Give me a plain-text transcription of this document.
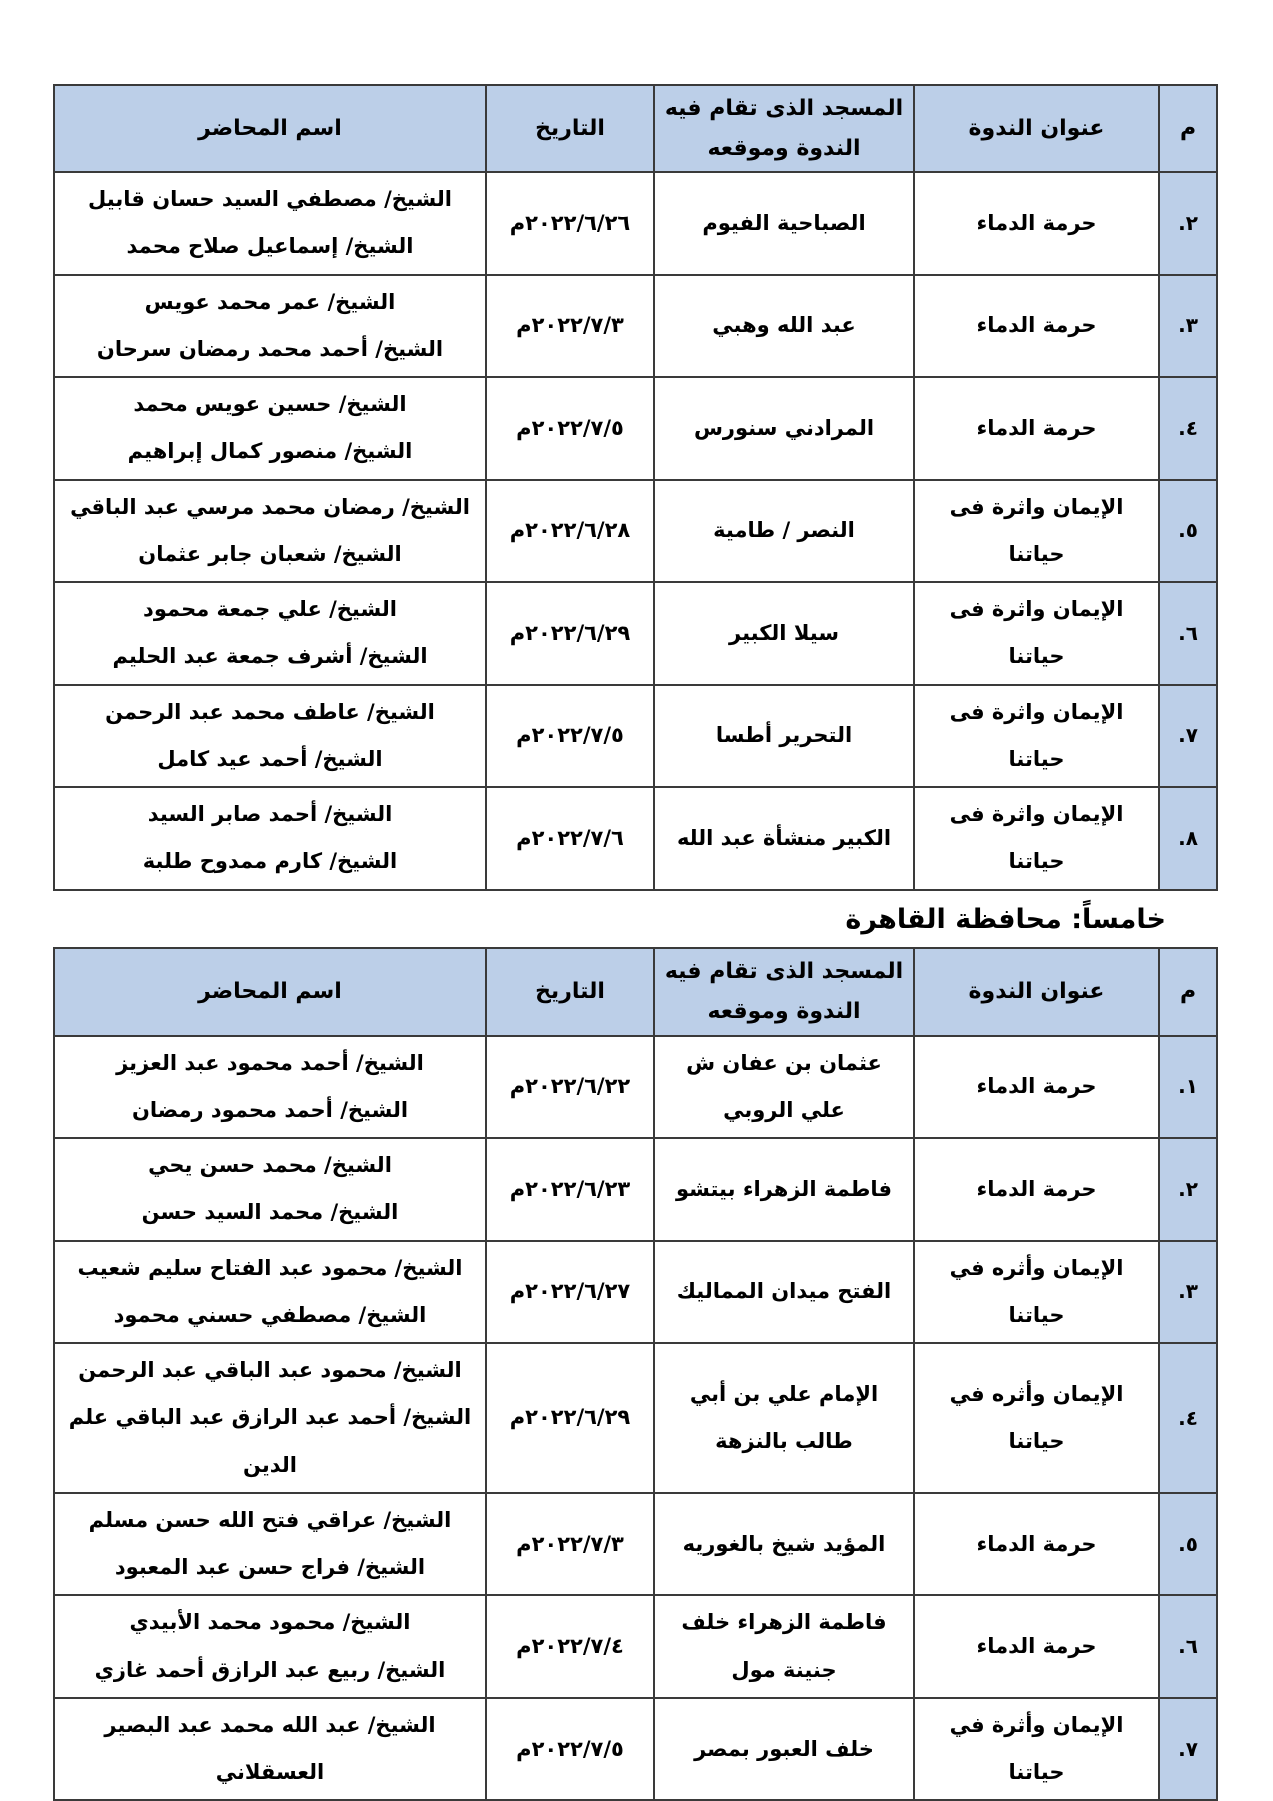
م	عنوان الندوة	المسجد الذى تقام فيه الندوة وموقعه	التاريخ	اسم المحاضر
٢.	حرمة الدماء	الصباحية الفيوم	٢٠٢٢/٦/٢٦م	الشيخ/ مصطفي السيد حسان قابيل
الشيخ/ إسماعيل صلاح محمد

٣.	حرمة الدماء	عبد الله وهبي	٢٠٢٢/٧/٣م	الشيخ/ عمر محمد عويس
الشيخ/ أحمد محمد رمضان سرحان

٤.	حرمة الدماء	المرادني سنورس	٢٠٢٢/٧/٥م	الشيخ/ حسين عويس محمد
الشيخ/ منصور كمال إبراهيم

٥.	الإيمان واثرة فى حياتنا	النصر / طامية	٢٠٢٢/٦/٢٨م	الشيخ/ رمضان محمد مرسي عبد الباقي
الشيخ/ شعبان جابر عثمان

٦.	الإيمان واثرة فى حياتنا	سيلا الكبير	٢٠٢٢/٦/٢٩م	الشيخ/ علي جمعة محمود
الشيخ/ أشرف جمعة عبد الحليم

٧.	الإيمان واثرة فى حياتنا	التحرير أطسا	٢٠٢٢/٧/٥م	الشيخ/ عاطف محمد عبد الرحمن
الشيخ/ أحمد عيد كامل

٨.	الإيمان واثرة فى حياتنا	الكبير منشأة عبد الله	٢٠٢٢/٧/٦م	الشيخ/ أحمد صابر السيد
الشيخ/ كارم ممدوح طلبة
خامساً: محافظة القاهرة
م	عنوان الندوة	المسجد الذى تقام فيه الندوة وموقعه	التاريخ	اسم المحاضر
١.	حرمة الدماء	عثمان بن عفان ش علي الروبي	٢٠٢٢/٦/٢٢م	الشيخ/ أحمد محمود عبد العزيز
الشيخ/ أحمد محمود رمضان

٢.	حرمة الدماء	فاطمة الزهراء بيتشو	٢٠٢٢/٦/٢٣م	الشيخ/ محمد حسن يحي
الشيخ/ محمد السيد حسن

٣.	الإيمان وأثره في حياتنا	الفتح ميدان المماليك	٢٠٢٢/٦/٢٧م	الشيخ/ محمود عبد الفتاح سليم شعيب
الشيخ/ مصطفي حسني محمود

٤.	الإيمان وأثره في حياتنا	الإمام علي بن أبي طالب بالنزهة	٢٠٢٢/٦/٢٩م	الشيخ/ محمود عبد الباقي عبد الرحمن
الشيخ/ أحمد عبد الرازق عبد الباقي علم الدين

٥.	حرمة الدماء	المؤيد شيخ بالغوريه	٢٠٢٢/٧/٣م	الشيخ/ عراقي فتح الله حسن مسلم
الشيخ/ فراج حسن عبد المعبود

٦.	حرمة الدماء	فاطمة الزهراء خلف جنينة مول	٢٠٢٢/٧/٤م	الشيخ/ محمود محمد الأبيدي
الشيخ/ ربيع عبد الرازق أحمد غازي

٧.	الإيمان وأثرة في حياتنا	خلف العبور بمصر	٢٠٢٢/٧/٥م	الشيخ/ عبد الله محمد عبد البصير العسقلاني
